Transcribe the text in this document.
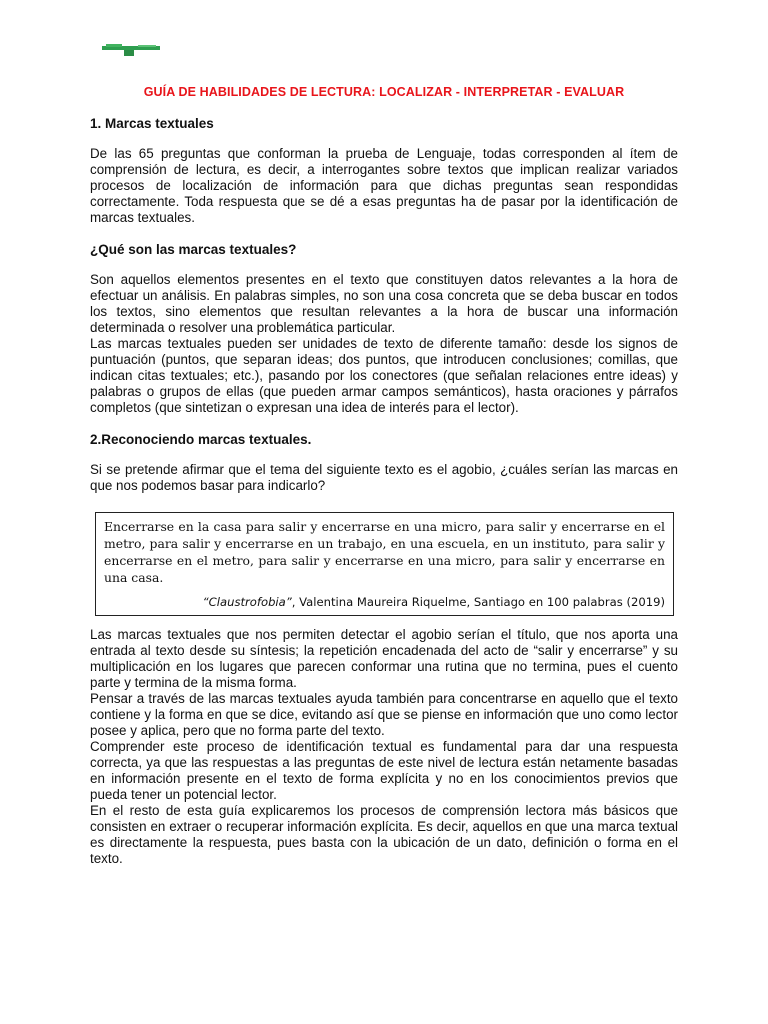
GUÍA DE HABILIDADES DE LECTURA: LOCALIZAR - INTERPRETAR - EVALUAR
1. Marcas textuales

De las 65 preguntas que conforman la prueba de Lenguaje, todas corresponden al ítem de comprensión de lectura, es decir, a interrogantes sobre textos que implican realizar variados procesos de localización de información para que dichas preguntas sean respondidas correctamente. Toda respuesta que se dé a esas preguntas ha de pasar por la identificación de marcas textuales.

¿Qué son las marcas textuales?

Son aquellos elementos presentes en el texto que constituyen datos relevantes a la hora de efectuar un análisis. En palabras simples, no son una cosa concreta que se deba buscar en todos los textos, sino elementos que resultan relevantes a la hora de buscar una información determinada o resolver una problemática particular.

Las marcas textuales pueden ser unidades de texto de diferente tamaño: desde los signos de puntuación (puntos, que separan ideas; dos puntos, que introducen conclusiones; comillas, que indican citas textuales; etc.), pasando por los conectores (que señalan relaciones entre ideas) y palabras o grupos de ellas (que pueden armar campos semánticos), hasta oraciones y párrafos completos (que sintetizan o expresan una idea de interés para el lector).

2.Reconociendo marcas textuales.

Si se pretende afirmar que el tema del siguiente texto es el agobio, ¿cuáles serían las marcas en que nos podemos basar para indicarlo?

Encerrarse en la casa para salir y encerrarse en una micro, para salir y encerrarse en el metro, para salir y encerrarse en un trabajo, en una escuela, en un instituto, para salir y encerrarse en el metro, para salir y encerrarse en una micro, para salir y encerrarse en una casa.

“Claustrofobia”, Valentina Maureira Riquelme, Santiago en 100 palabras (2019)

Las marcas textuales que nos permiten detectar el agobio serían el título, que nos aporta una entrada al texto desde su síntesis; la repetición encadenada del acto de “salir y encerrarse” y su multiplicación en los lugares que parecen conformar una rutina que no termina, pues el cuento parte y termina de la misma forma.

Pensar a través de las marcas textuales ayuda también para concentrarse en aquello que el texto contiene y la forma en que se dice, evitando así que se piense en información que uno como lector posee y aplica, pero que no forma parte del texto.

Comprender este proceso de identificación textual es fundamental para dar una respuesta correcta, ya que las respuestas a las preguntas de este nivel de lectura están netamente basadas en información presente en el texto de forma explícita y no en los conocimientos previos que pueda tener un potencial lector.

En el resto de esta guía explicaremos los procesos de comprensión lectora más básicos que consisten en extraer o recuperar información explícita. Es decir, aquellos en que una marca textual es directamente la respuesta, pues basta con la ubicación de un dato, definición o forma en el texto.
